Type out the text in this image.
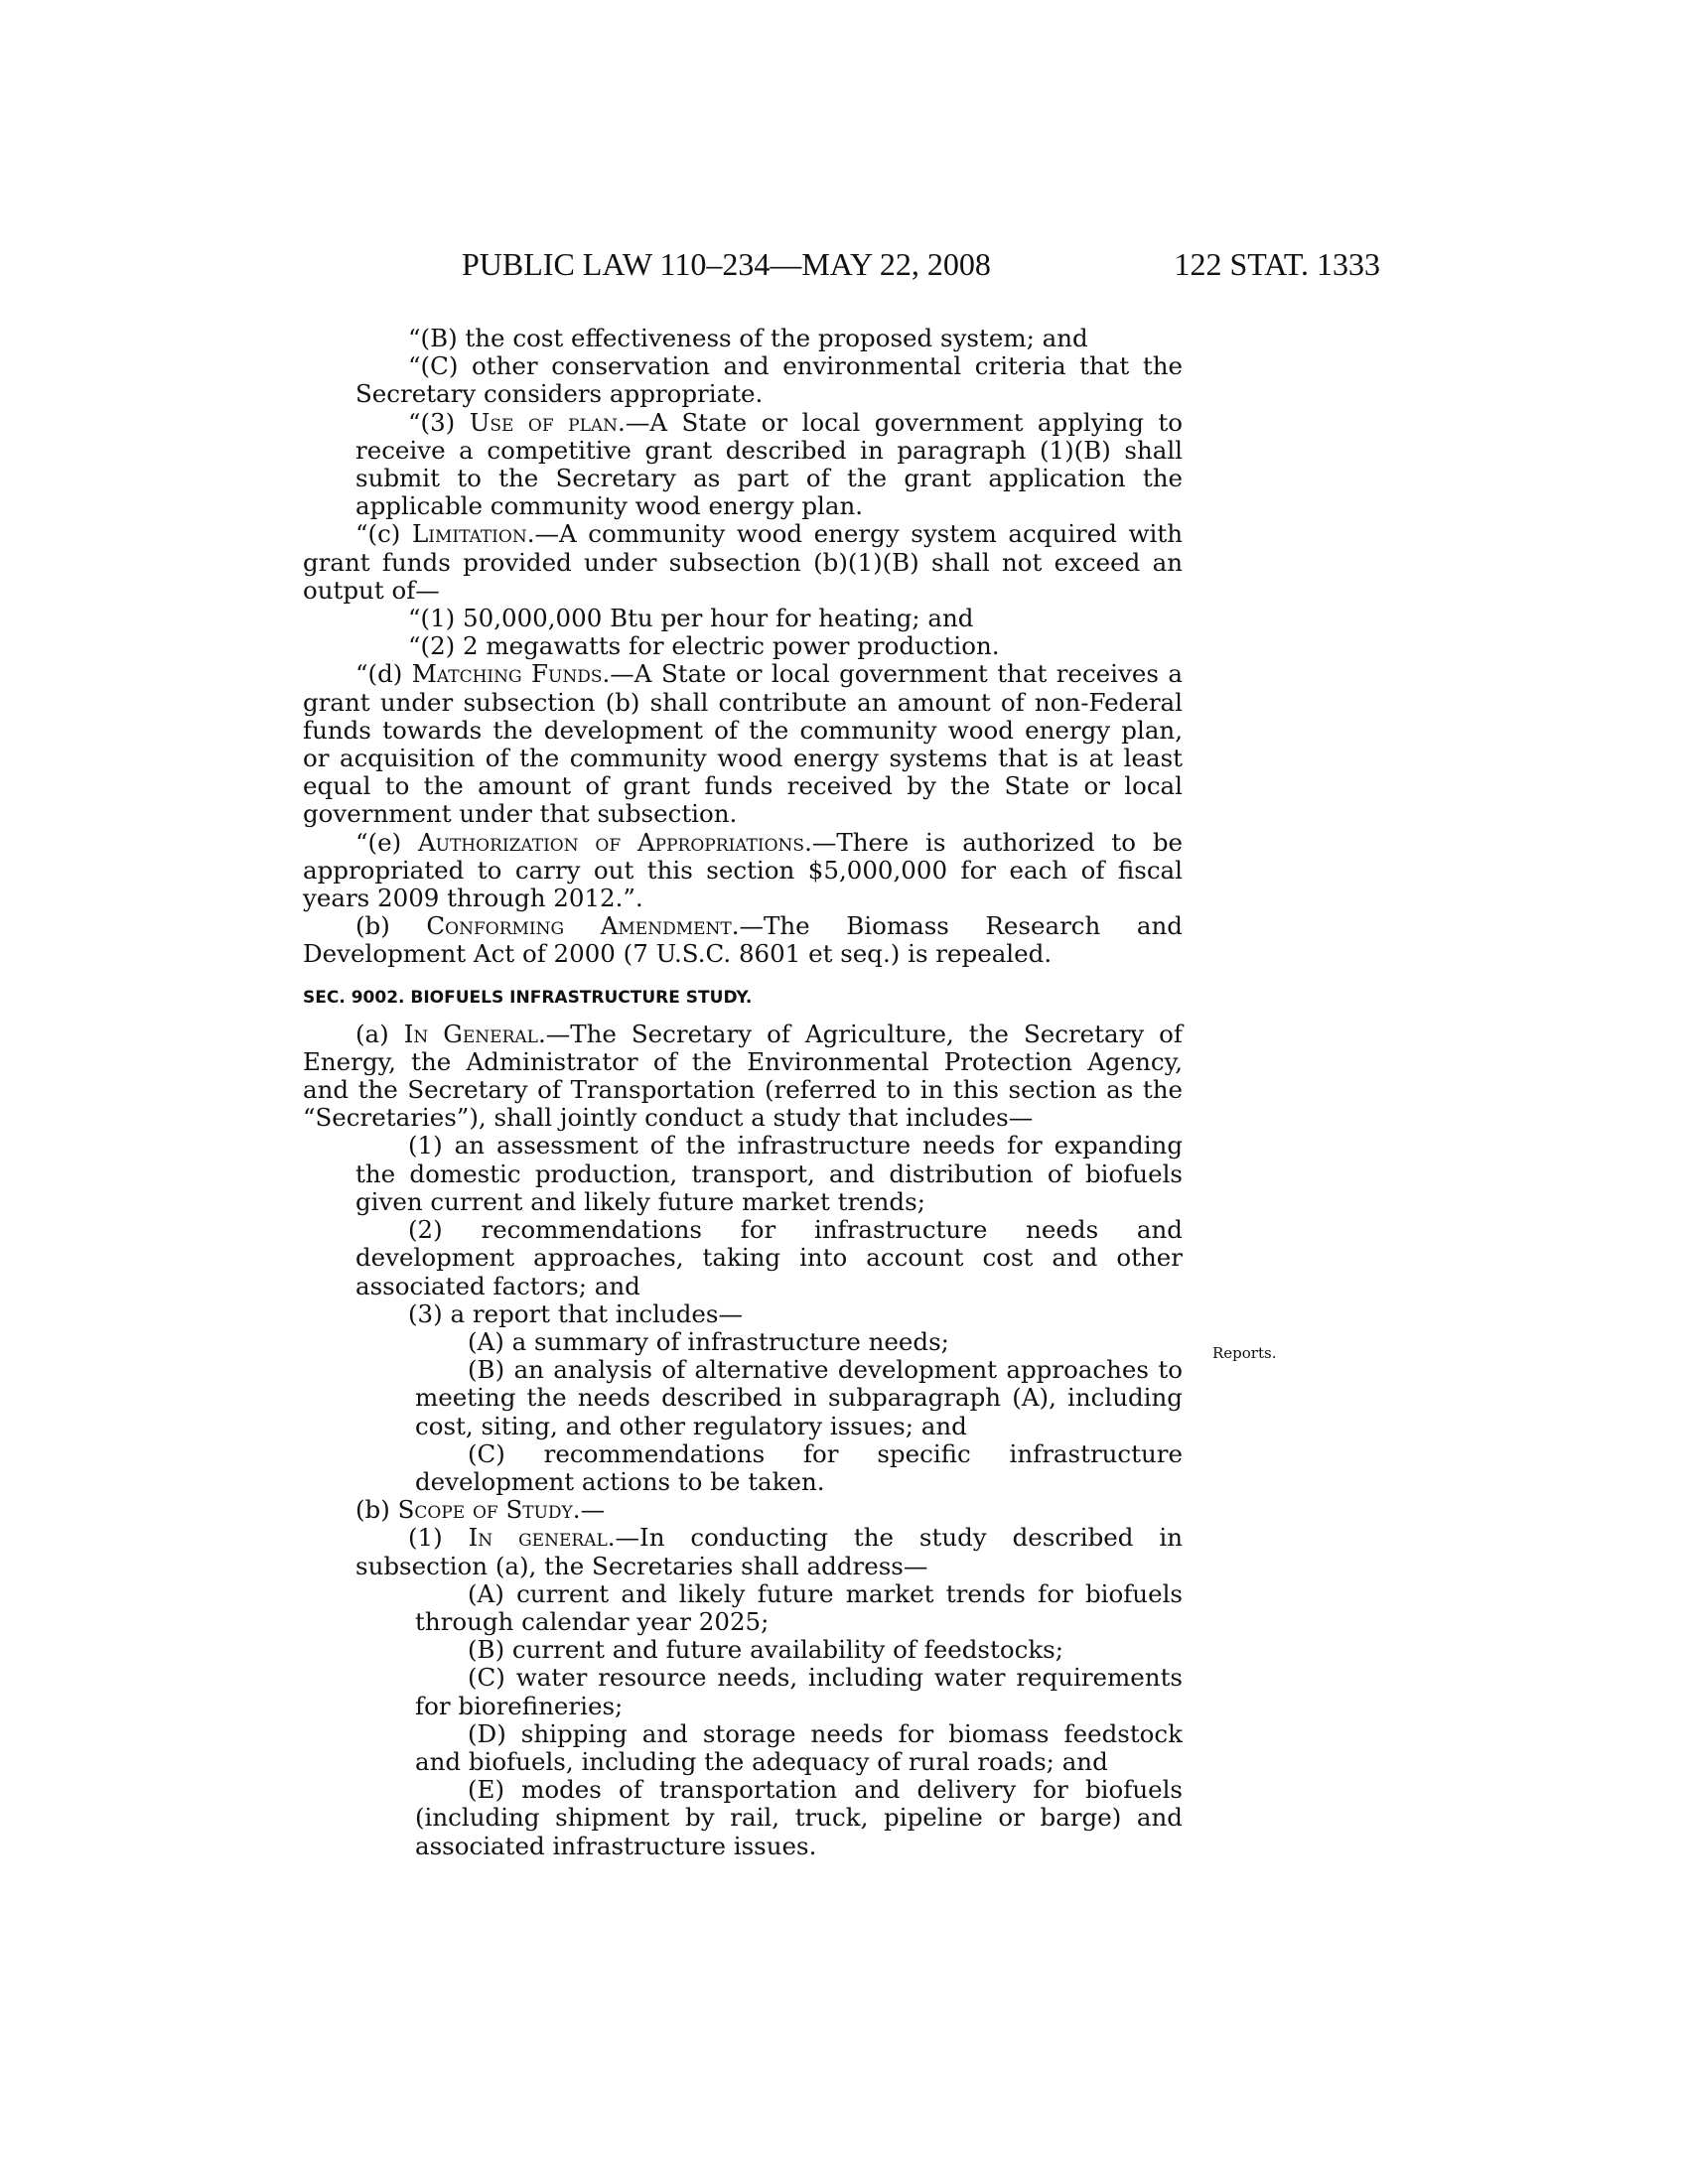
PUBLIC LAW 110–234—MAY 22, 2008	122 STAT. 1333
Reports.

“(B) the cost effectiveness of the proposed system; and

“(C) other conservation and environmental criteria that the Secretary considers appropriate.

“(3) Use of plan.—A State or local government applying to receive a competitive grant described in paragraph (1)(B) shall submit to the Secretary as part of the grant application the applicable community wood energy plan.

“(c) Limitation.—A community wood energy system acquired with grant funds provided under subsection (b)(1)(B) shall not exceed an output of—

“(1) 50,000,000 Btu per hour for heating; and

“(2) 2 megawatts for electric power production.

“(d) Matching Funds.—A State or local government that receives a grant under subsection (b) shall contribute an amount of non-Federal funds towards the development of the community wood energy plan, or acquisition of the community wood energy systems that is at least equal to the amount of grant funds received by the State or local government under that subsection.

“(e) Authorization of Appropriations.—There is authorized to be appropriated to carry out this section $5,000,000 for each of fiscal years 2009 through 2012.”.

(b) Conforming Amendment.—The Biomass Research and Development Act of 2000 (7 U.S.C. 8601 et seq.) is repealed.

SEC. 9002. BIOFUELS INFRASTRUCTURE STUDY.

(a) In General.—The Secretary of Agriculture, the Secretary of Energy, the Administrator of the Environmental Protection Agency, and the Secretary of Transportation (referred to in this section as the “Secretaries”), shall jointly conduct a study that includes—

(1) an assessment of the infrastructure needs for expanding the domestic production, transport, and distribution of biofuels given current and likely future market trends;

(2) recommendations for infrastructure needs and development approaches, taking into account cost and other associated factors; and

(3) a report that includes—

(A) a summary of infrastructure needs;

(B) an analysis of alternative development approaches to meeting the needs described in subparagraph (A), including cost, siting, and other regulatory issues; and

(C) recommendations for specific infrastructure development actions to be taken.

(b) Scope of Study.—

(1) In general.—In conducting the study described in subsection (a), the Secretaries shall address—

(A) current and likely future market trends for biofuels through calendar year 2025;

(B) current and future availability of feedstocks;

(C) water resource needs, including water requirements for biorefineries;

(D) shipping and storage needs for biomass feedstock and biofuels, including the adequacy of rural roads; and

(E) modes of transportation and delivery for biofuels (including shipment by rail, truck, pipeline or barge) and associated infrastructure issues.
